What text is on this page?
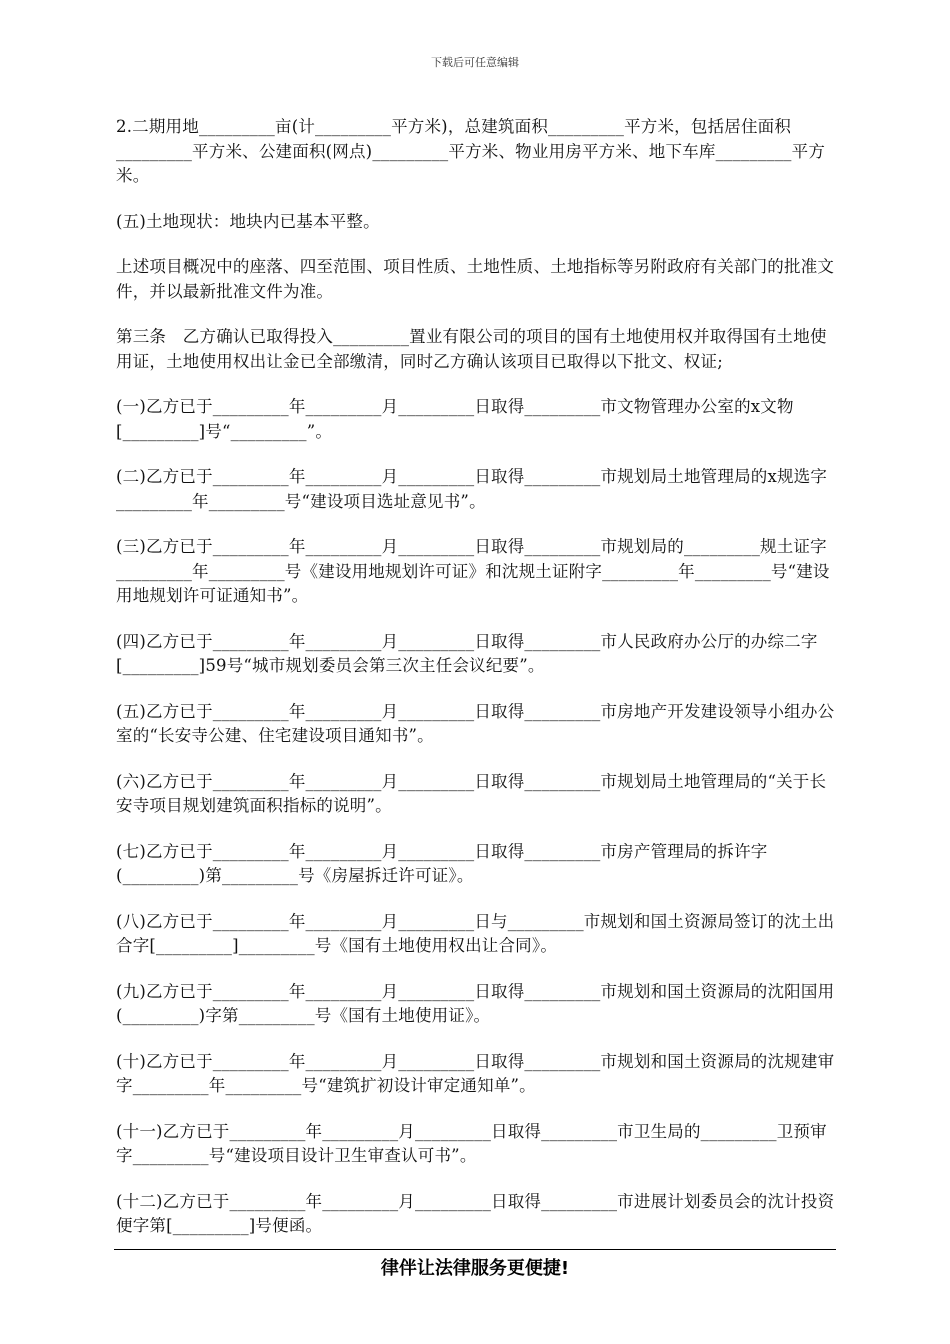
下载后可任意编辑

2.二期用地_________亩(计_________平方米)，总建筑面积_________平方米，包括居住面积_________平方米、公建面积(网点)_________平方米、物业用房平方米、地下车库_________平方米。

(五)土地现状：地块内已基本平整。

上述项目概况中的座落、四至范围、项目性质、土地性质、土地指标等另附政府有关部门的批准文件，并以最新批准文件为准。

第三条　乙方确认已取得投入_________置业有限公司的项目的国有土地使用权并取得国有土地使用证，土地使用权出让金已全部缴清，同时乙方确认该项目已取得以下批文、权证;

(一)乙方已于_________年_________月_________日取得_________市文物管理办公室的x文物[_________]号“_________”。

(二)乙方已于_________年_________月_________日取得_________市规划局土地管理局的x规选字_________年_________号“建设项目选址意见书”。

(三)乙方已于_________年_________月_________日取得_________市规划局的_________规土证字_________年_________号《建设用地规划许可证》和沈规土证附字_________年_________号“建设用地规划许可证通知书”。

(四)乙方已于_________年_________月_________日取得_________市人民政府办公厅的办综二字[_________]59号“城市规划委员会第三次主任会议纪要”。

(五)乙方已于_________年_________月_________日取得_________市房地产开发建设领导小组办公室的“长安寺公建、住宅建设项目通知书”。

(六)乙方已于_________年_________月_________日取得_________市规划局土地管理局的“关于长安寺项目规划建筑面积指标的说明”。

(七)乙方已于_________年_________月_________日取得_________市房产管理局的拆许字(_________)第_________号《房屋拆迁许可证》。

(八)乙方已于_________年_________月_________日与_________市规划和国土资源局签订的沈土出合字[_________]_________号《国有土地使用权出让合同》。

(九)乙方已于_________年_________月_________日取得_________市规划和国土资源局的沈阳国用(_________)字第_________号《国有土地使用证》。

(十)乙方已于_________年_________月_________日取得_________市规划和国土资源局的沈规建审字_________年_________号“建筑扩初设计审定通知单”。

(十一)乙方已于_________年_________月_________日取得_________市卫生局的_________卫预审字_________号“建设项目设计卫生审查认可书”。

(十二)乙方已于_________年_________月_________日取得_________市进展计划委员会的沈计投资便字第[_________]号便函。

律伴让法律服务更便捷!
